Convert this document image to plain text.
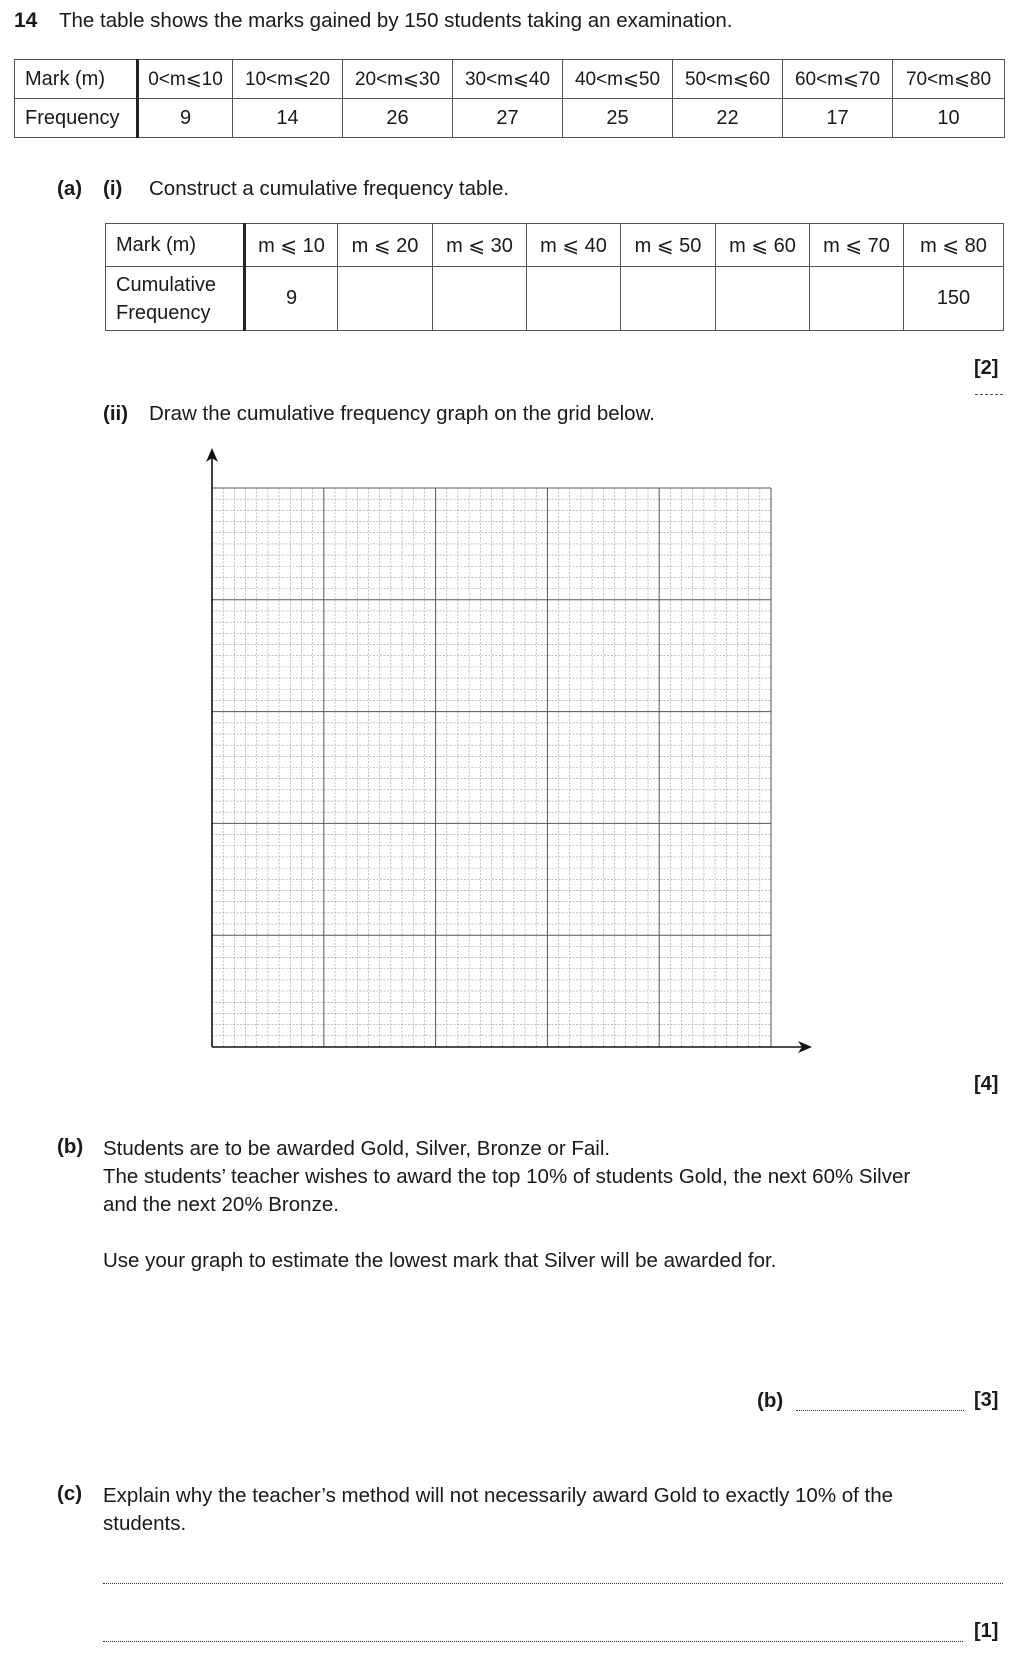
14 The table shows the marks gained by 150 students taking an examination.
Mark (m)	0<m⩽10	10<m⩽20	20<m⩽30	30<m⩽40	40<m⩽50	50<m⩽60	60<m⩽70	70<m⩽80
Frequency	9	14	26	27	25	22	17	10
(a) (i) Construct a cumulative frequency table.
Mark (m)	m ⩽ 10	m ⩽ 20	m ⩽ 30	m ⩽ 40	m ⩽ 50	m ⩽ 60	m ⩽ 70	m ⩽ 80
Cumulative
Frequency	9							150
[2]
(ii) Draw the cumulative frequency graph on the grid below.
[4]
(b) Students are to be awarded Gold, Silver, Bronze or Fail.
The students’ teacher wishes to award the top 10% of students Gold, the next 60% Silver
and the next 20% Bronze.
Use your graph to estimate the lowest mark that Silver will be awarded for.
(b)	[3]
(c) Explain why the teacher’s method will not necessarily award Gold to exactly 10% of the
students.
[1]
